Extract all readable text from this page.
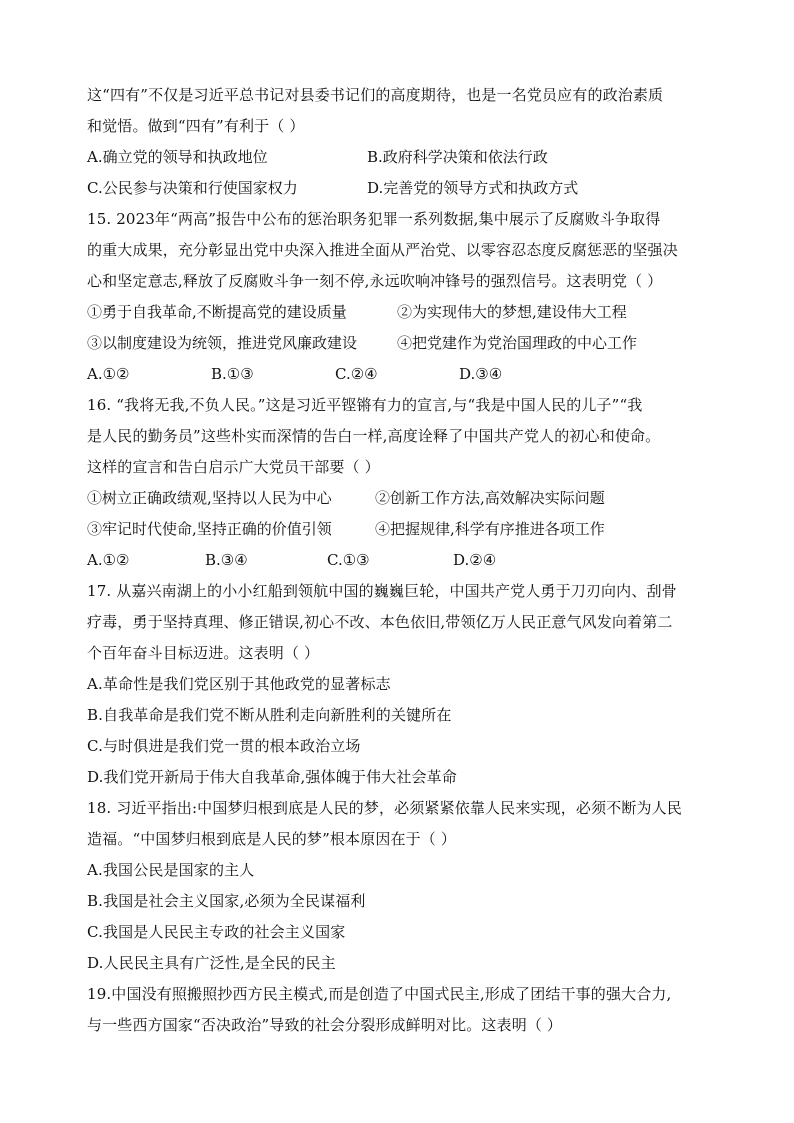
这“四有”不仅是习近平总书记对县委书记们的高度期待，也是一名党员应有的政治素质
和觉悟。做到“四有”有利于（ ）
A.确立党的领导和执政地位	B.政府科学决策和依法行政
C.公民参与决策和行使国家权力	D.完善党的领导方式和执政方式
15. 2023年“两高”报告中公布的惩治职务犯罪一系列数据,集中展示了反腐败斗争取得
的重大成果，充分彰显出党中央深入推进全面从严治党、以零容忍态度反腐惩恶的坚强决
心和坚定意志,释放了反腐败斗争一刻不停,永远吹响冲锋号的强烈信号。这表明党（ ）
①勇于自我革命,不断提高党的建设质量	②为实现伟大的梦想,建设伟大工程
③以制度建设为统领，推进党风廉政建设	④把党建作为党治国理政的中心工作
A.①②	B.①③	C.②④	D.③④
16. “我将无我,不负人民。”这是习近平铿锵有力的宣言,与“我是中国人民的儿子”“我
是人民的勤务员”这些朴实而深情的告白一样,高度诠释了中国共产党人的初心和使命。
这样的宣言和告白启示广大党员干部要（ ）
①树立正确政绩观,坚持以人民为中心	②创新工作方法,高效解决实际问题
③牢记时代使命,坚持正确的价值引领	④把握规律,科学有序推进各项工作
A.①②	B.③④	C.①③	D.②④
17. 从嘉兴南湖上的小小红船到领航中国的巍巍巨轮，中国共产党人勇于刀刃向内、刮骨
疗毒，勇于坚持真理、修正错误,初心不改、本色依旧,带领亿万人民正意气风发向着第二
个百年奋斗目标迈进。这表明（ ）
A.革命性是我们党区别于其他政党的显著标志
B.自我革命是我们党不断从胜利走向新胜利的关键所在
C.与时俱进是我们党一贯的根本政治立场
D.我们党开新局于伟大自我革命,强体魄于伟大社会革命
18. 习近平指出:中国梦归根到底是人民的梦，必须紧紧依靠人民来实现，必须不断为人民
造福。“中国梦归根到底是人民的梦”根本原因在于（ ）
A.我国公民是国家的主人
B.我国是社会主义国家,必须为全民谋福利
C.我国是人民民主专政的社会主义国家
D.人民民主具有广泛性,是全民的民主
19.中国没有照搬照抄西方民主模式,而是创造了中国式民主,形成了团结干事的强大合力,
与一些西方国家“否决政治”导致的社会分裂形成鲜明对比。这表明（ ）
